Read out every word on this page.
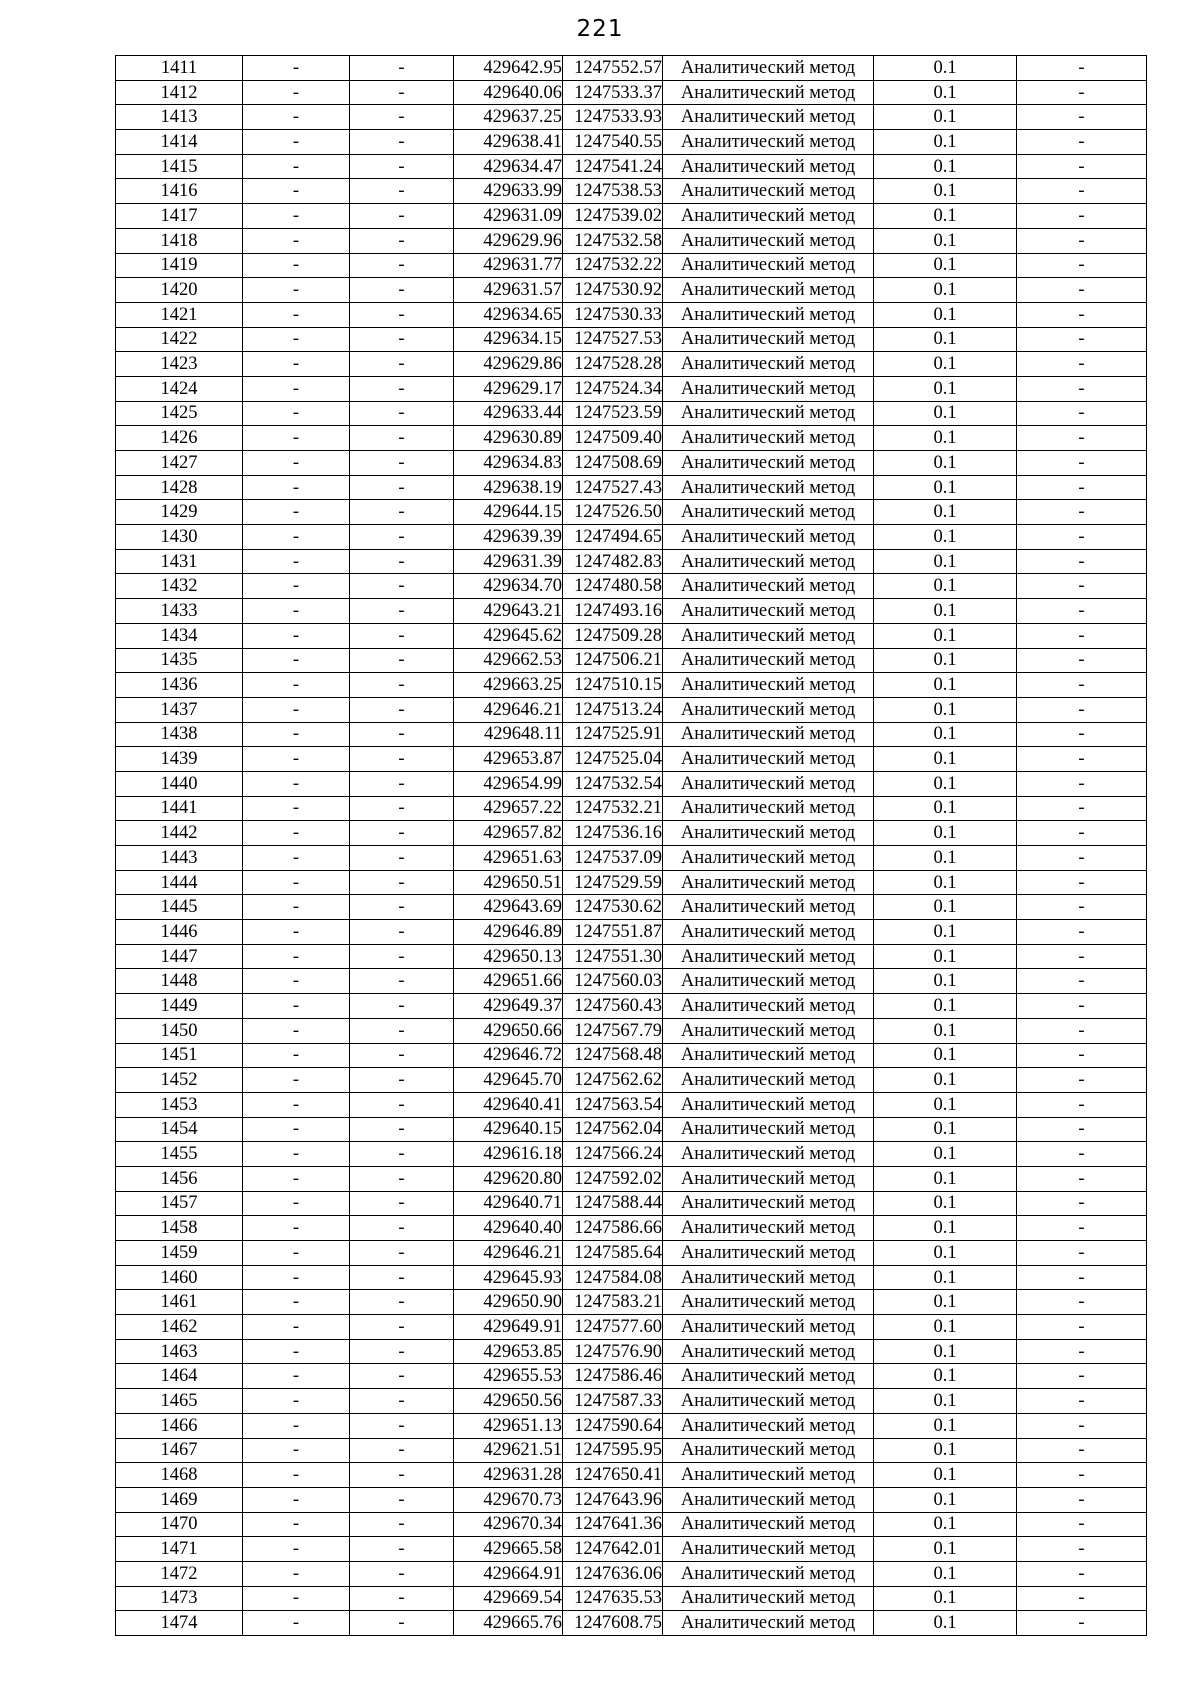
221
1411	-	-	429642.95	1247552.57	Аналитический метод	0.1	-
1412	-	-	429640.06	1247533.37	Аналитический метод	0.1	-
1413	-	-	429637.25	1247533.93	Аналитический метод	0.1	-
1414	-	-	429638.41	1247540.55	Аналитический метод	0.1	-
1415	-	-	429634.47	1247541.24	Аналитический метод	0.1	-
1416	-	-	429633.99	1247538.53	Аналитический метод	0.1	-
1417	-	-	429631.09	1247539.02	Аналитический метод	0.1	-
1418	-	-	429629.96	1247532.58	Аналитический метод	0.1	-
1419	-	-	429631.77	1247532.22	Аналитический метод	0.1	-
1420	-	-	429631.57	1247530.92	Аналитический метод	0.1	-
1421	-	-	429634.65	1247530.33	Аналитический метод	0.1	-
1422	-	-	429634.15	1247527.53	Аналитический метод	0.1	-
1423	-	-	429629.86	1247528.28	Аналитический метод	0.1	-
1424	-	-	429629.17	1247524.34	Аналитический метод	0.1	-
1425	-	-	429633.44	1247523.59	Аналитический метод	0.1	-
1426	-	-	429630.89	1247509.40	Аналитический метод	0.1	-
1427	-	-	429634.83	1247508.69	Аналитический метод	0.1	-
1428	-	-	429638.19	1247527.43	Аналитический метод	0.1	-
1429	-	-	429644.15	1247526.50	Аналитический метод	0.1	-
1430	-	-	429639.39	1247494.65	Аналитический метод	0.1	-
1431	-	-	429631.39	1247482.83	Аналитический метод	0.1	-
1432	-	-	429634.70	1247480.58	Аналитический метод	0.1	-
1433	-	-	429643.21	1247493.16	Аналитический метод	0.1	-
1434	-	-	429645.62	1247509.28	Аналитический метод	0.1	-
1435	-	-	429662.53	1247506.21	Аналитический метод	0.1	-
1436	-	-	429663.25	1247510.15	Аналитический метод	0.1	-
1437	-	-	429646.21	1247513.24	Аналитический метод	0.1	-
1438	-	-	429648.11	1247525.91	Аналитический метод	0.1	-
1439	-	-	429653.87	1247525.04	Аналитический метод	0.1	-
1440	-	-	429654.99	1247532.54	Аналитический метод	0.1	-
1441	-	-	429657.22	1247532.21	Аналитический метод	0.1	-
1442	-	-	429657.82	1247536.16	Аналитический метод	0.1	-
1443	-	-	429651.63	1247537.09	Аналитический метод	0.1	-
1444	-	-	429650.51	1247529.59	Аналитический метод	0.1	-
1445	-	-	429643.69	1247530.62	Аналитический метод	0.1	-
1446	-	-	429646.89	1247551.87	Аналитический метод	0.1	-
1447	-	-	429650.13	1247551.30	Аналитический метод	0.1	-
1448	-	-	429651.66	1247560.03	Аналитический метод	0.1	-
1449	-	-	429649.37	1247560.43	Аналитический метод	0.1	-
1450	-	-	429650.66	1247567.79	Аналитический метод	0.1	-
1451	-	-	429646.72	1247568.48	Аналитический метод	0.1	-
1452	-	-	429645.70	1247562.62	Аналитический метод	0.1	-
1453	-	-	429640.41	1247563.54	Аналитический метод	0.1	-
1454	-	-	429640.15	1247562.04	Аналитический метод	0.1	-
1455	-	-	429616.18	1247566.24	Аналитический метод	0.1	-
1456	-	-	429620.80	1247592.02	Аналитический метод	0.1	-
1457	-	-	429640.71	1247588.44	Аналитический метод	0.1	-
1458	-	-	429640.40	1247586.66	Аналитический метод	0.1	-
1459	-	-	429646.21	1247585.64	Аналитический метод	0.1	-
1460	-	-	429645.93	1247584.08	Аналитический метод	0.1	-
1461	-	-	429650.90	1247583.21	Аналитический метод	0.1	-
1462	-	-	429649.91	1247577.60	Аналитический метод	0.1	-
1463	-	-	429653.85	1247576.90	Аналитический метод	0.1	-
1464	-	-	429655.53	1247586.46	Аналитический метод	0.1	-
1465	-	-	429650.56	1247587.33	Аналитический метод	0.1	-
1466	-	-	429651.13	1247590.64	Аналитический метод	0.1	-
1467	-	-	429621.51	1247595.95	Аналитический метод	0.1	-
1468	-	-	429631.28	1247650.41	Аналитический метод	0.1	-
1469	-	-	429670.73	1247643.96	Аналитический метод	0.1	-
1470	-	-	429670.34	1247641.36	Аналитический метод	0.1	-
1471	-	-	429665.58	1247642.01	Аналитический метод	0.1	-
1472	-	-	429664.91	1247636.06	Аналитический метод	0.1	-
1473	-	-	429669.54	1247635.53	Аналитический метод	0.1	-
1474	-	-	429665.76	1247608.75	Аналитический метод	0.1	-
